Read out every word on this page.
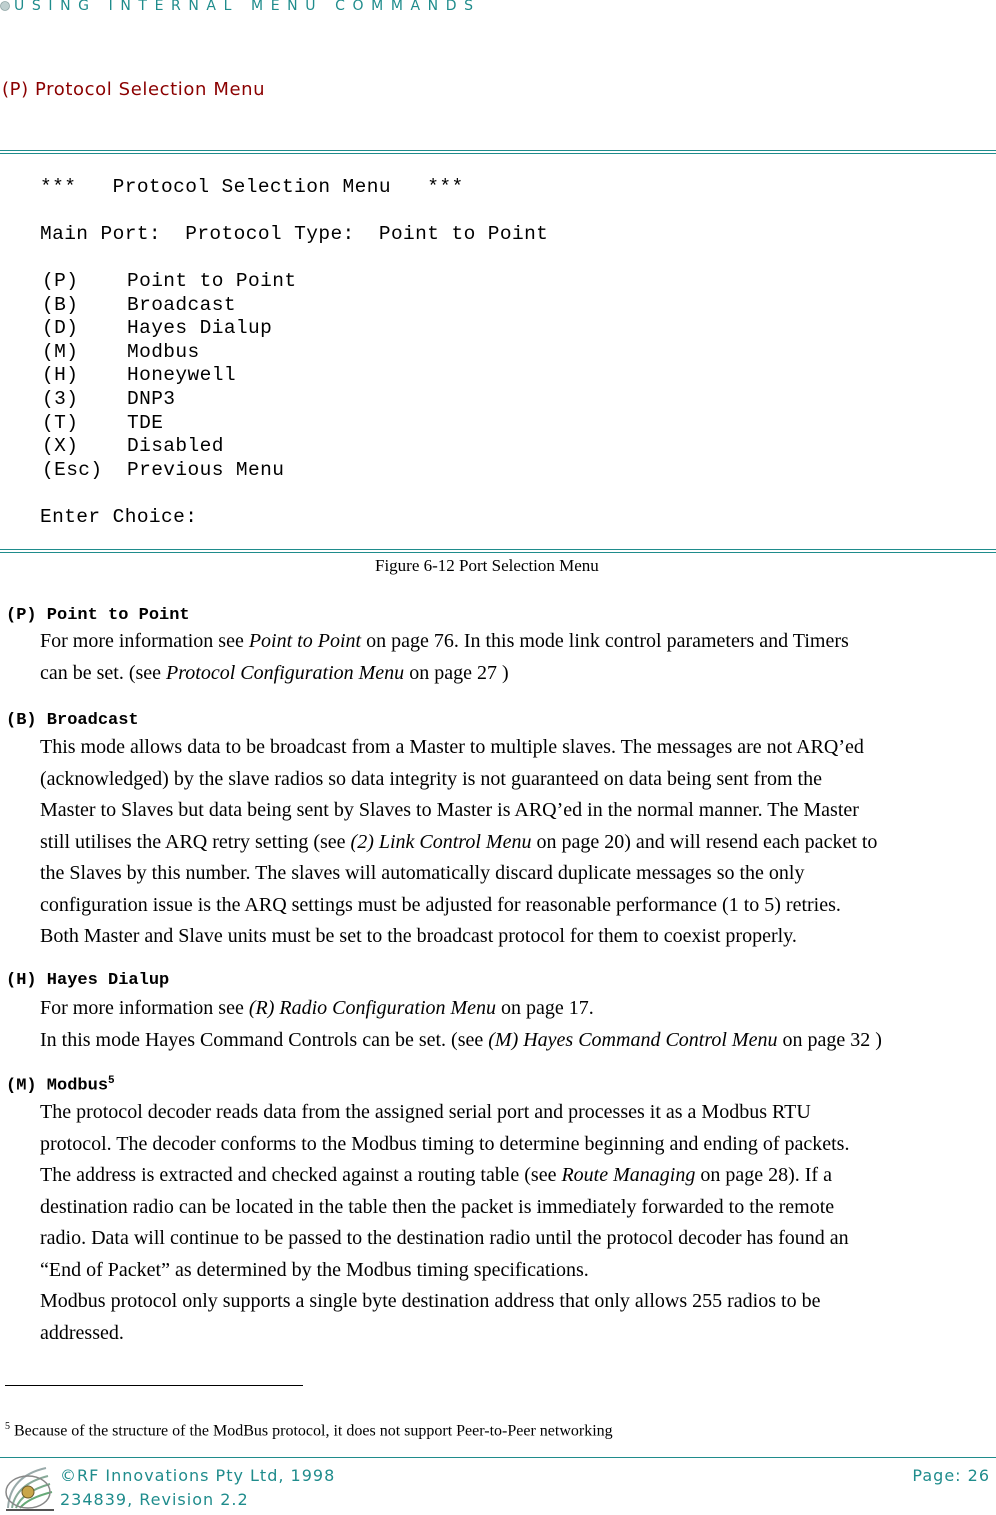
USING INTERNAL MENU COMMANDS
(P) Protocol Selection Menu
***   Protocol Selection Menu   ***
Main Port:  Protocol Type:  Point to Point
(P) Point to Point
(B) Broadcast
(D) Hayes Dialup
(M) Modbus
(H) Honeywell
(3) DNP3
(T) TDE
(X) Disabled
(Esc) Previous Menu
Enter Choice:
Figure 6-12 Port Selection Menu
(P) Point to Point
For more information see Point to Point on page 76. In this mode link control parameters and Timers
can be set. (see Protocol Configuration Menu on page 27 )
(B) Broadcast
This mode allows data to be broadcast from a Master to multiple slaves. The messages are not ARQ’ed
(acknowledged) by the slave radios so data integrity is not guaranteed on data being sent from the
Master to Slaves but data being sent by Slaves to Master is ARQ’ed in the normal manner. The Master
still utilises the ARQ retry setting (see (2) Link Control Menu on page 20) and will resend each packet to
the Slaves by this number. The slaves will automatically discard duplicate messages so the only
configuration issue is the ARQ settings must be adjusted for reasonable performance (1 to 5) retries.
Both Master and Slave units must be set to the broadcast protocol for them to coexist properly.
(H) Hayes Dialup
For more information see (R) Radio Configuration Menu on page 17.
In this mode Hayes Command Controls can be set. (see (M) Hayes Command Control Menu on page 32 )
(M) Modbus$^5$
The protocol decoder reads data from the assigned serial port and processes it as a Modbus RTU
protocol. The decoder conforms to the Modbus timing to determine beginning and ending of packets.
The address is extracted and checked against a routing table (see Route Managing on page 28). If a
destination radio can be located in the table then the packet is immediately forwarded to the remote
radio. Data will continue to be passed to the destination radio until the protocol decoder has found an
“End of Packet” as determined by the Modbus timing specifications.
Modbus protocol only supports a single byte destination address that only allows 255 radios to be
addressed.
$^5$ Because of the structure of the ModBus protocol, it does not support Peer-to-Peer networking
©RF Innovations Pty Ltd, 1998
234839, Revision 2.2
Page: 26
